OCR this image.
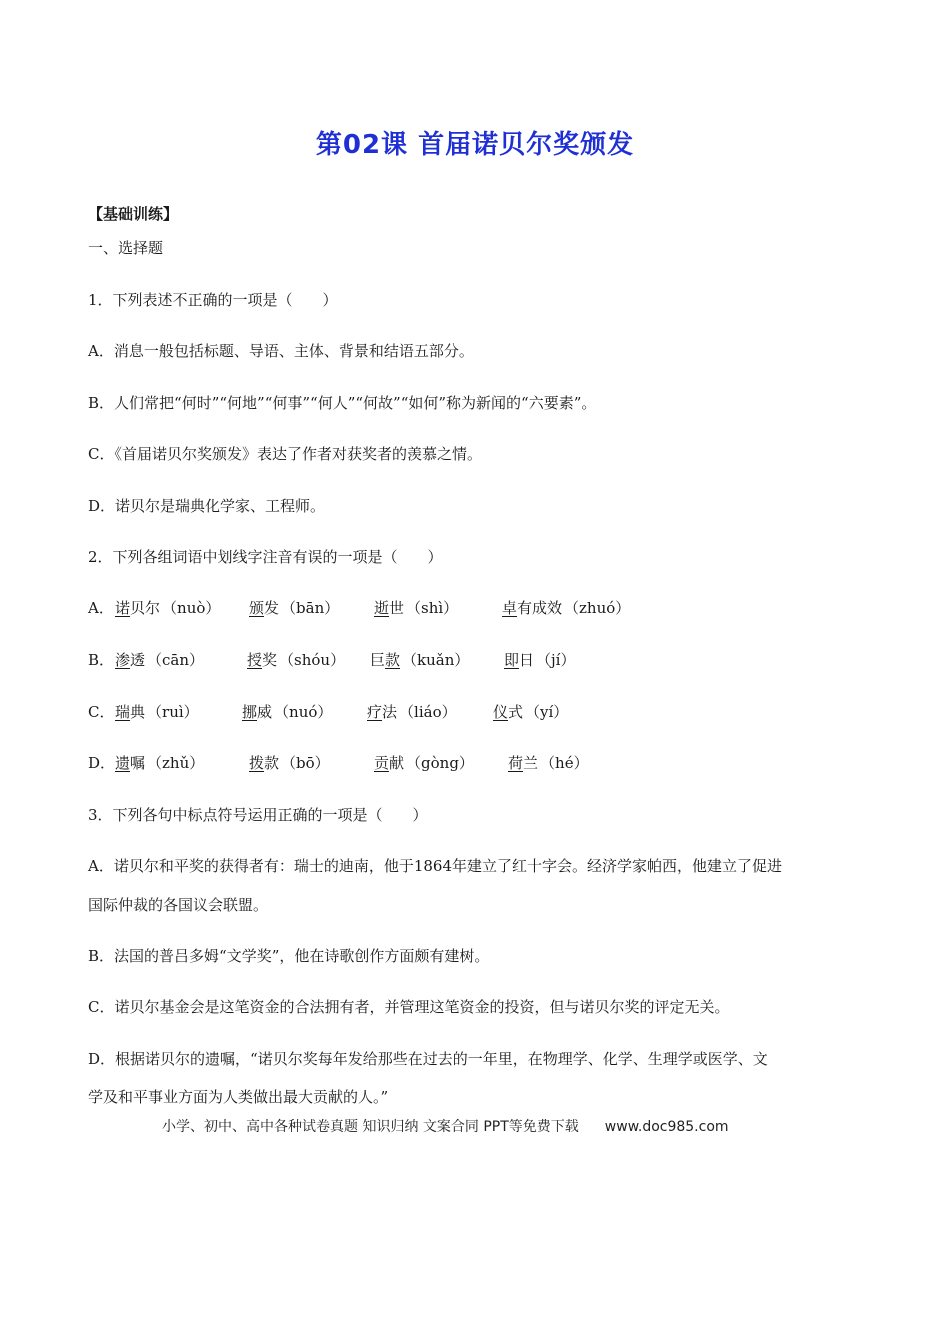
第02课 首届诺贝尔奖颁发
【基础训练】
一、选择题
1．下列表述不正确的一项是（　　）
A．消息一般包括标题、导语、主体、背景和结语五部分。
B．人们常把“何时”“何地”“何事”“何人”“何故”“如何”称为新闻的“六要素”。
C．《首届诺贝尔奖颁发》表达了作者对获奖者的羡慕之情。
D．诺贝尔是瑞典化学家、工程师。
2．下列各组词语中划线字注音有误的一项是（　　）
A． 诺贝尔 （nuò） 颁发 （bān） 逝世 （shì）	卓有成效 （zhuó）
B． 渗透 （cān）	授奖 （shóu） 巨款 （kuǎn） 即日 （jí）
C． 瑞典 （ruì）	挪威 （nuó） 疗法 （liáo） 仪式 （yí）
D． 遗嘱 （zhǔ）	拨款 （bō）	贡献 （gòng） 荷兰 （hé）
3．下列各句中标点符号运用正确的一项是（　　）
A．诺贝尔和平奖的获得者有：瑞士的迪南，他于1864年建立了红十字会。经济学家帕西，他建立了促进
国际仲裁的各国议会联盟。
B．法国的普吕多姆“文学奖”，他在诗歌创作方面颇有建树。
C．诺贝尔基金会是这笔资金的合法拥有者，并管理这笔资金的投资，但与诺贝尔奖的评定无关。
D．根据诺贝尔的遗嘱，“诺贝尔奖每年发给那些在过去的一年里，在物理学、化学、生理学或医学、文
学及和平事业方面为人类做出最大贡献的人。”
小学、初中、高中各种试卷真题 知识归纳 文案合同 PPT等免费下载 www.doc985.com
